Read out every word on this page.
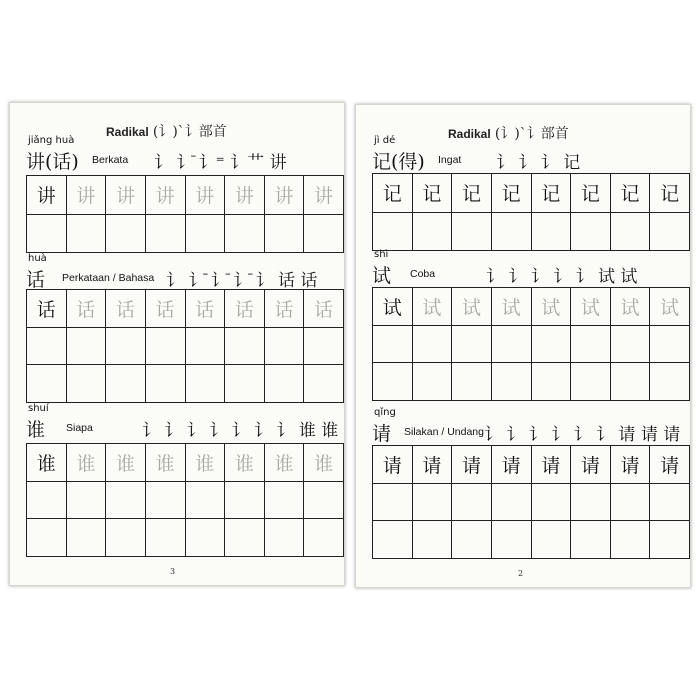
Radikal (讠)`讠部首
jiǎng huà
讲(话) Berkata 讠 讠̄ 讠⁼ 讠艹 讲
讲	讲	讲	讲	讲	讲	讲	讲
huà
话 Perkataan / Bahasa 讠 讠̄ 讠̄ 讠̄ 讠 话 话
话	话	话	话	话	话	话	话
shuí
谁 Siapa	讠 讠 讠 讠 讠 讠 讠 谁 谁
谁	谁	谁	谁	谁	谁	谁	谁
3
Radikal (讠)`讠部首
jì dé
记(得) Ingat 讠 讠 讠 记
记	记	记	记	记	记	记	记
shì
试 Coba	讠 讠 讠 讠 讠 试 试
试	试	试	试	试	试	试	试
qǐng
请 Silakan / Undang 讠 讠 讠 讠 讠 讠 请 请 请
请	请	请	请	请	请	请	请
2
